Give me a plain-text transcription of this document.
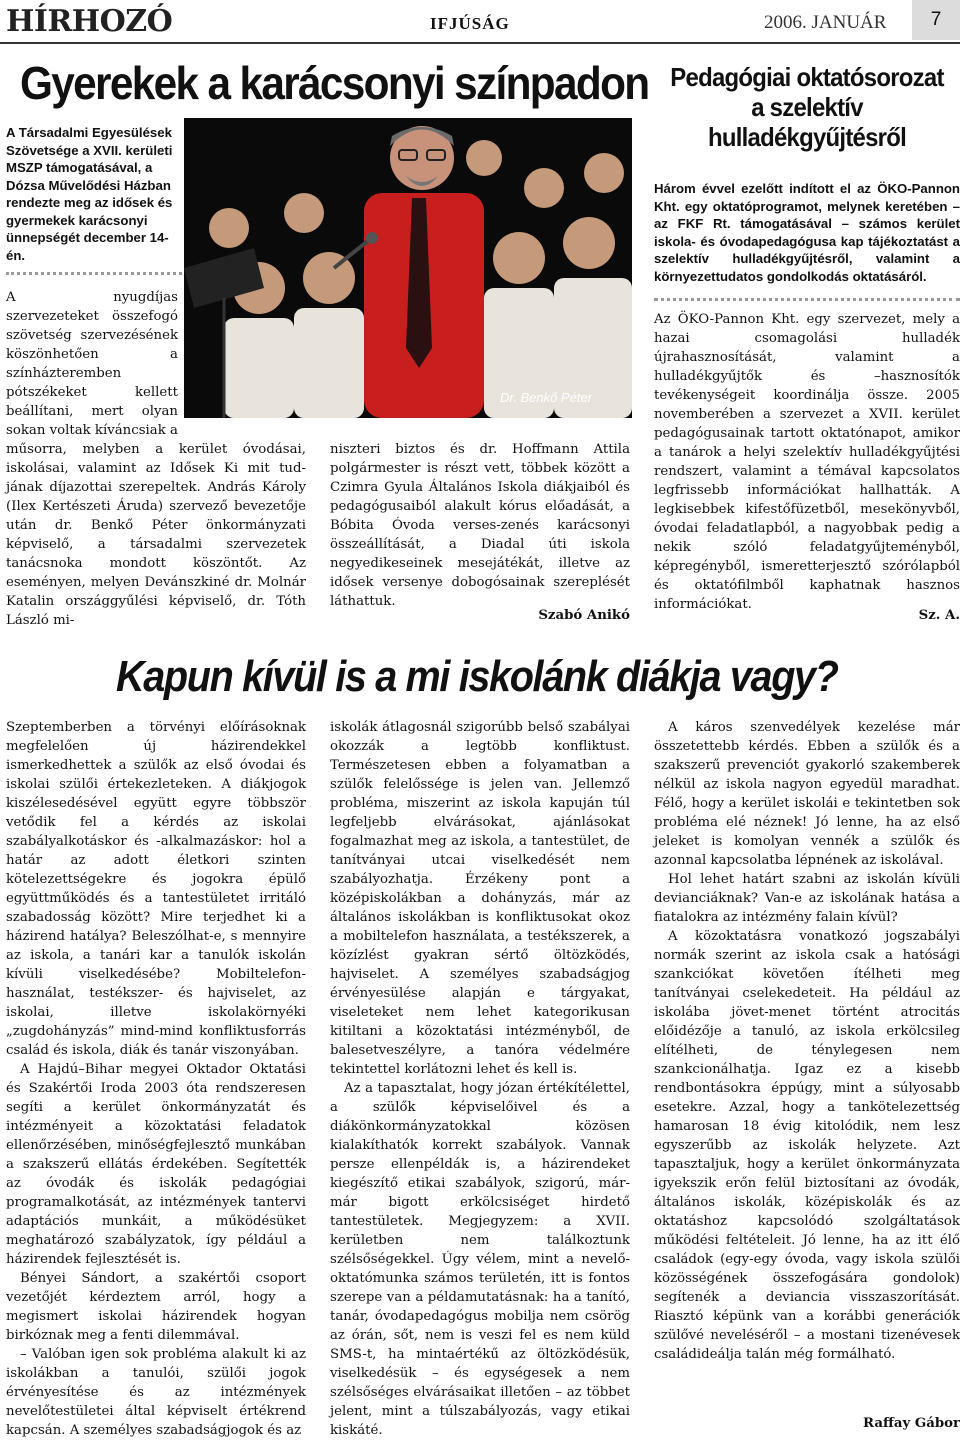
HÍRHOZÓ	IFJÚSÁG	2006. JANUÁR	7
Gyerekek a karácsonyi színpadon
A Társadalmi Egyesülések Szövetsége a XVII. kerületi MSZP támogatásával, a Dózsa Művelődési Házban rendezte meg az idősek és gyermekek karácsonyi ünnepségét december 14-én.

A nyugdíjas szervezeteket összefogó szövetség szervezésének köszönhetően a színházteremben pótszékeket kellett beállítani, mert olyan sokan voltak kíváncsiak a

Dr. Benkő Péter

műsorra, melyben a kerület óvodásai, iskolásai, valamint az Idősek Ki mit tud-jának díjazottai szerepeltek. András Károly (Ilex Kertészeti Áruda) szervező bevezetője után dr. Benkő Péter önkormányzati képviselő, a társadalmi szervezetek tanácsnoka mondott köszöntőt. Az eseményen, melyen Devánszkiné dr. Molnár Katalin országgyűlési képviselő, dr. Tóth László mi-

niszteri biztos és dr. Hoffmann Attila polgármester is részt vett, többek között a Czimra Gyula Általános Iskola diákjaiból és pedagógusaiból alakult kórus előadását, a Bóbita Óvoda verses-zenés karácsonyi összeállítását, a Diadal úti iskola negyedikeseinek mesejátékát, illetve az idősek versenye dobogósainak szereplését láthattuk.

Szabó Anikó
Pedagógiai oktatósorozat a szelektív hulladékgyűjtésről
Három évvel ezelőtt indított el az ÖKO-Pannon Kht. egy oktatóprogramot, melynek keretében – az FKF Rt. támogatásával – számos kerület iskola- és óvodapedagógusa kap tájékoztatást a szelektív hulladékgyűjtésről, valamint a környezettudatos gondolkodás oktatásáról.

Az ÖKO-Pannon Kht. egy szervezet, mely a hazai csomagolási hulladék újrahasznosítását, valamint a hulladékgyűjtők és –hasznosítók tevékenységeit koordinálja össze. 2005 novemberében a szervezet a XVII. kerület pedagógusainak tartott oktatónapot, amikor a tanárok a helyi szelektív hulladékgyűjtési rendszert, valamint a témával kapcsolatos legfrissebb információkat hallhatták. A legkisebbek kifestőfüzetből, mesekönyvből, óvodai feladatlapból, a nagyobbak pedig a nekik szóló feladatgyűjteményből, képregényből, ismeretterjesztő szórólapból és oktatófilmből kaphatnak hasznos információkat.

Sz. A.
Kapun kívül is a mi iskolánk diákja vagy?

Szeptemberben a törvényi előírásoknak megfelelően új házirendekkel ismerkedhettek a szülők az első óvodai és iskolai szülői értekezleteken. A diákjogok kiszélesedésével együtt egyre többször vetődik fel a kérdés az iskolai szabályalkotáskor és -alkalmazáskor: hol a határ az adott életkori szinten kötelezettségekre és jogokra épülő együttműködés és a tantestületet irritáló szabadosság között? Mire terjedhet ki a házirend hatálya? Beleszólhat-e, s mennyire az iskola, a tanári kar a tanulók iskolán kívüli viselkedésébe? Mobiltelefon-használat, testékszer- és hajviselet, az iskolai, illetve iskolakörnyéki „zugdohányzás” mind-mind konfliktusforrás család és iskola, diák és tanár viszonyában.

A Hajdú–Bihar megyei Oktador Oktatási és Szakértői Iroda 2003 óta rendszeresen segíti a kerület önkormányzatát és intézményeit a közoktatási feladatok ellenőrzésében, minőségfejlesztő munkában a szakszerű ellátás érdekében. Segítették az óvodák és iskolák pedagógiai programalkotását, az intézmények tantervi adaptációs munkáit, a működésüket meghatározó szabályzatok, így például a házirendek fejlesztését is.

Bényei Sándort, a szakértői csoport vezetőjét kérdeztem arról, hogy a megismert iskolai házirendek hogyan birkóznak meg a fenti dilemmával.

– Valóban igen sok probléma alakult ki az iskolákban a tanulói, szülői jogok érvényesítése és az intézmények nevelőtestületei által képviselt értékrend kapcsán. A személyes szabadságjogok és az

iskolák átlagosnál szigorúbb belső szabályai okozzák a legtöbb konfliktust. Természetesen ebben a folyamatban a szülők felelőssége is jelen van. Jellemző probléma, miszerint az iskola kapuján túl legfeljebb elvárásokat, ajánlásokat fogalmazhat meg az iskola, a tantestület, de tanítványai utcai viselkedését nem szabályozhatja. Érzékeny pont a középiskolákban a dohányzás, már az általános iskolákban is konfliktusokat okoz a mobiltelefon használata, a testékszerek, a közízlést gyakran sértő öltözködés, hajviselet. A személyes szabadságjog érvényesülése alapján e tárgyakat, viseleteket nem lehet kategorikusan kitiltani a közoktatási intézményből, de balesetveszélyre, a tanóra védelmére tekintettel korlátozni lehet és kell is.

Az a tapasztalat, hogy józan értékítélettel, a szülők képviselőivel és a diákönkormányzatokkal közösen kialakíthatók korrekt szabályok. Vannak persze ellenpéldák is, a házirendeket kiegészítő etikai szabályok, szigorú, már-már bigott erkölcsiséget hirdető tantestületek. Megjegyzem: a XVII. kerületben nem találkoztunk szélsőségekkel. Úgy vélem, mint a nevelő-oktatómunka számos területén, itt is fontos szerepe van a példamutatásnak: ha a tanító, tanár, óvodapedagógus mobilja nem csörög az órán, sőt, nem is veszi fel es nem küld SMS-t, ha mintaértékű az öltözködésük, viselkedésük – és egységesek a nem szélsőséges elvárásaikat illetően – az többet jelent, mint a túlszabályozás, vagy etikai kiskáté.

A káros szenvedélyek kezelése már összetettebb kérdés. Ebben a szülők és a szakszerű prevenciót gyakorló szakemberek nélkül az iskola nagyon egyedül maradhat. Félő, hogy a kerület iskolái e tekintetben sok probléma elé néznek! Jó lenne, ha az első jeleket is komolyan vennék a szülők és azonnal kapcsolatba lépnének az iskolával.

Hol lehet határt szabni az iskolán kívüli devianciáknak? Van-e az iskolának hatása a fiatalokra az intézmény falain kívül?

A közoktatásra vonatkozó jogszabályi normák szerint az iskola csak a hatósági szankciókat követően ítélheti meg tanítványai cselekedeteit. Ha például az iskolába jövet-menet történt atrocitás előidézője a tanuló, az iskola erkölcsileg elítélheti, de ténylegesen nem szankcionálhatja. Igaz ez a kisebb rendbontásokra éppúgy, mint a súlyosabb esetekre. Azzal, hogy a tankötelezettség hamarosan 18 évig kitolódik, nem lesz egyszerűbb az iskolák helyzete. Azt tapasztaljuk, hogy a kerület önkormányzata igyekszik erőn felül biztosítani az óvodák, általános iskolák, középiskolák és az oktatáshoz kapcsolódó szolgáltatások működési feltételeit. Jó lenne, ha az itt élő családok (egy-egy óvoda, vagy iskola szülői közösségének összefogására gondolok) segítenék a deviancia visszaszorítását. Riasztó képünk van a korábbi generációk szülővé neveléséről – a mostani tizenévesek családideálja talán még formálható.

Raffay Gábor
